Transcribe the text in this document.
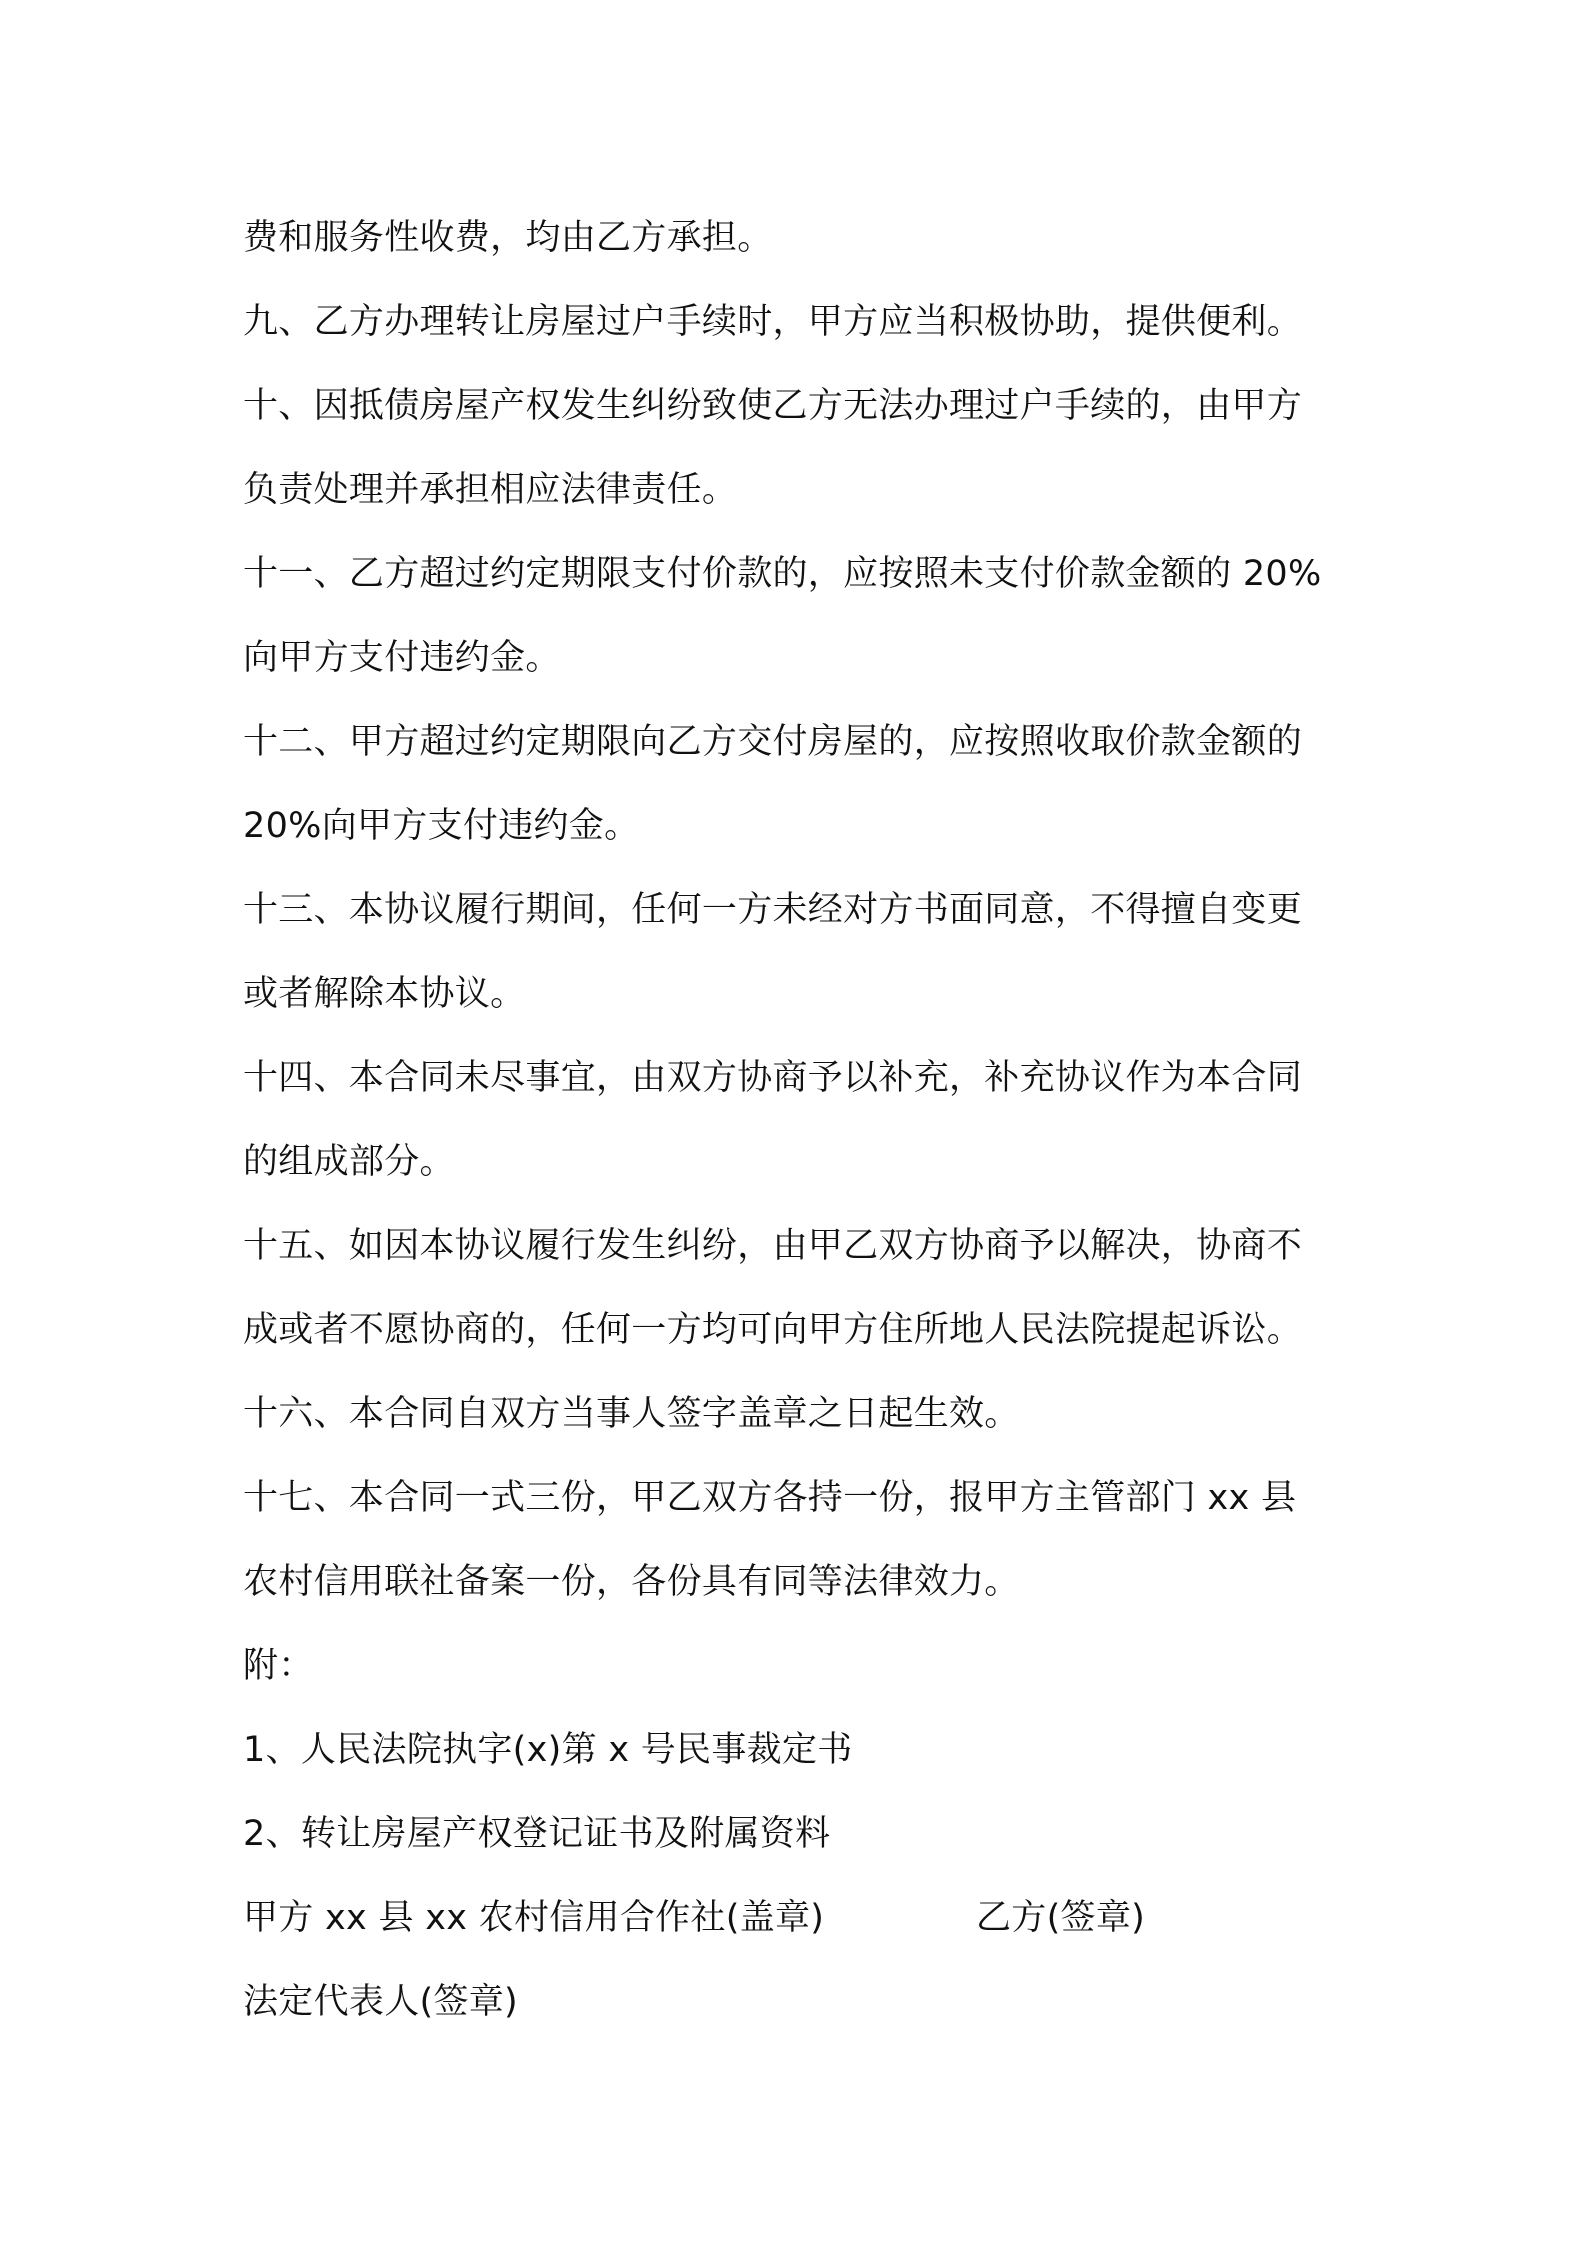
费和服务性收费，均由乙方承担。
九、乙方办理转让房屋过户手续时，甲方应当积极协助，提供便利。
十、因抵债房屋产权发生纠纷致使乙方无法办理过户手续的，由甲方
负责处理并承担相应法律责任。
十一、乙方超过约定期限支付价款的，应按照未支付价款金额的 20%
向甲方支付违约金。
十二、甲方超过约定期限向乙方交付房屋的，应按照收取价款金额的
20%向甲方支付违约金。
十三、本协议履行期间，任何一方未经对方书面同意，不得擅自变更
或者解除本协议。
十四、本合同未尽事宜，由双方协商予以补充，补充协议作为本合同
的组成部分。
十五、如因本协议履行发生纠纷，由甲乙双方协商予以解决，协商不
成或者不愿协商的，任何一方均可向甲方住所地人民法院提起诉讼。
十六、本合同自双方当事人签字盖章之日起生效。
十七、本合同一式三份，甲乙双方各持一份，报甲方主管部门 xx 县
农村信用联社备案一份，各份具有同等法律效力。
附：
1、人民法院执字(x)第 x 号民事裁定书
2、转让房屋产权登记证书及附属资料
甲方 xx 县 xx 农村信用合作社(盖章)	乙方(签章)
法定代表人(签章)
